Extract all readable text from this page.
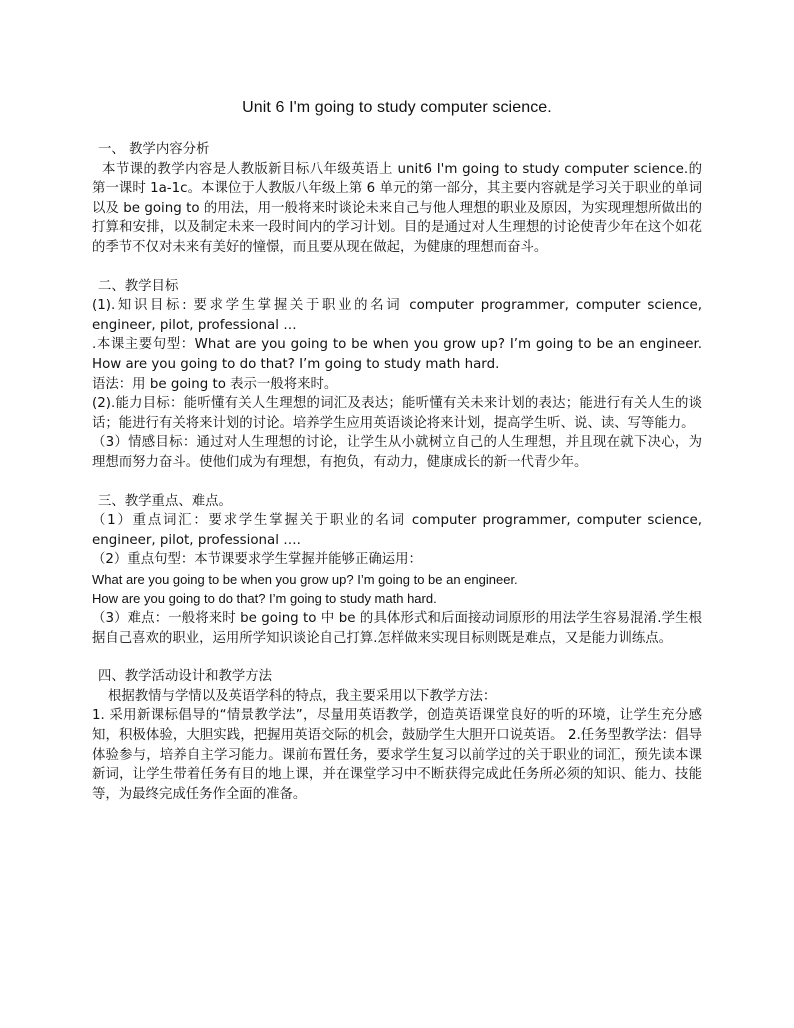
Unit 6 I'm going to study computer science.
一、 教学内容分析

本节课的教学内容是人教版新目标八年级英语上 unit6 I'm going to study computer science.的第一课时 1a-1c。本课位于人教版八年级上第 6 单元的第一部分，其主要内容就是学习关于职业的单词以及 be going to 的用法，用一般将来时谈论未来自己与他人理想的职业及原因，为实现理想所做出的打算和安排，以及制定未来一段时间内的学习计划。目的是通过对人生理想的讨论使青少年在这个如花的季节不仅对未来有美好的憧憬，而且要从现在做起，为健康的理想而奋斗。

二、教学目标

(1).知识目标: 要求学生掌握关于职业的名词 computer programmer, computer science, engineer, pilot, professional …

.本课主要句型：What are you going to be when you grow up? I’m going to be an engineer. How are you going to do that? I’m going to study math hard.

语法：用 be going to 表示一般将来时。

(2).能力目标：能听懂有关人生理想的词汇及表达；能听懂有关未来计划的表达；能进行有关人生的谈话；能进行有关将来计划的讨论。培养学生应用英语谈论将来计划，提高学生听、说、读、写等能力。

（3）情感目标：通过对人生理想的讨论，让学生从小就树立自己的人生理想，并且现在就下决心，为理想而努力奋斗。使他们成为有理想，有抱负，有动力，健康成长的新一代青少年。

三、教学重点、难点。

（1）重点词汇：要求学生掌握关于职业的名词 computer programmer, computer science, engineer, pilot, professional ….

（2）重点句型：本节课要求学生掌握并能够正确运用：

What are you going to be when you grow up? I’m going to be an engineer.

How are you going to do that? I’m going to study math hard.

（3）难点：一般将来时 be going to 中 be 的具体形式和后面接动词原形的用法学生容易混淆.学生根据自己喜欢的职业，运用所学知识谈论自己打算.怎样做来实现目标则既是难点，又是能力训练点。

四、教学活动设计和教学方法

根据教情与学情以及英语学科的特点，我主要采用以下教学方法：

1. 采用新课标倡导的“情景教学法”，尽量用英语教学，创造英语课堂良好的听的环境，让学生充分感知，积极体验，大胆实践，把握用英语交际的机会，鼓励学生大胆开口说英语。 2.任务型教学法：倡导体验参与，培养自主学习能力。课前布置任务，要求学生复习以前学过的关于职业的词汇，预先读本课新词，让学生带着任务有目的地上课，并在课堂学习中不断获得完成此任务所必须的知识、能力、技能等，为最终完成任务作全面的准备。
